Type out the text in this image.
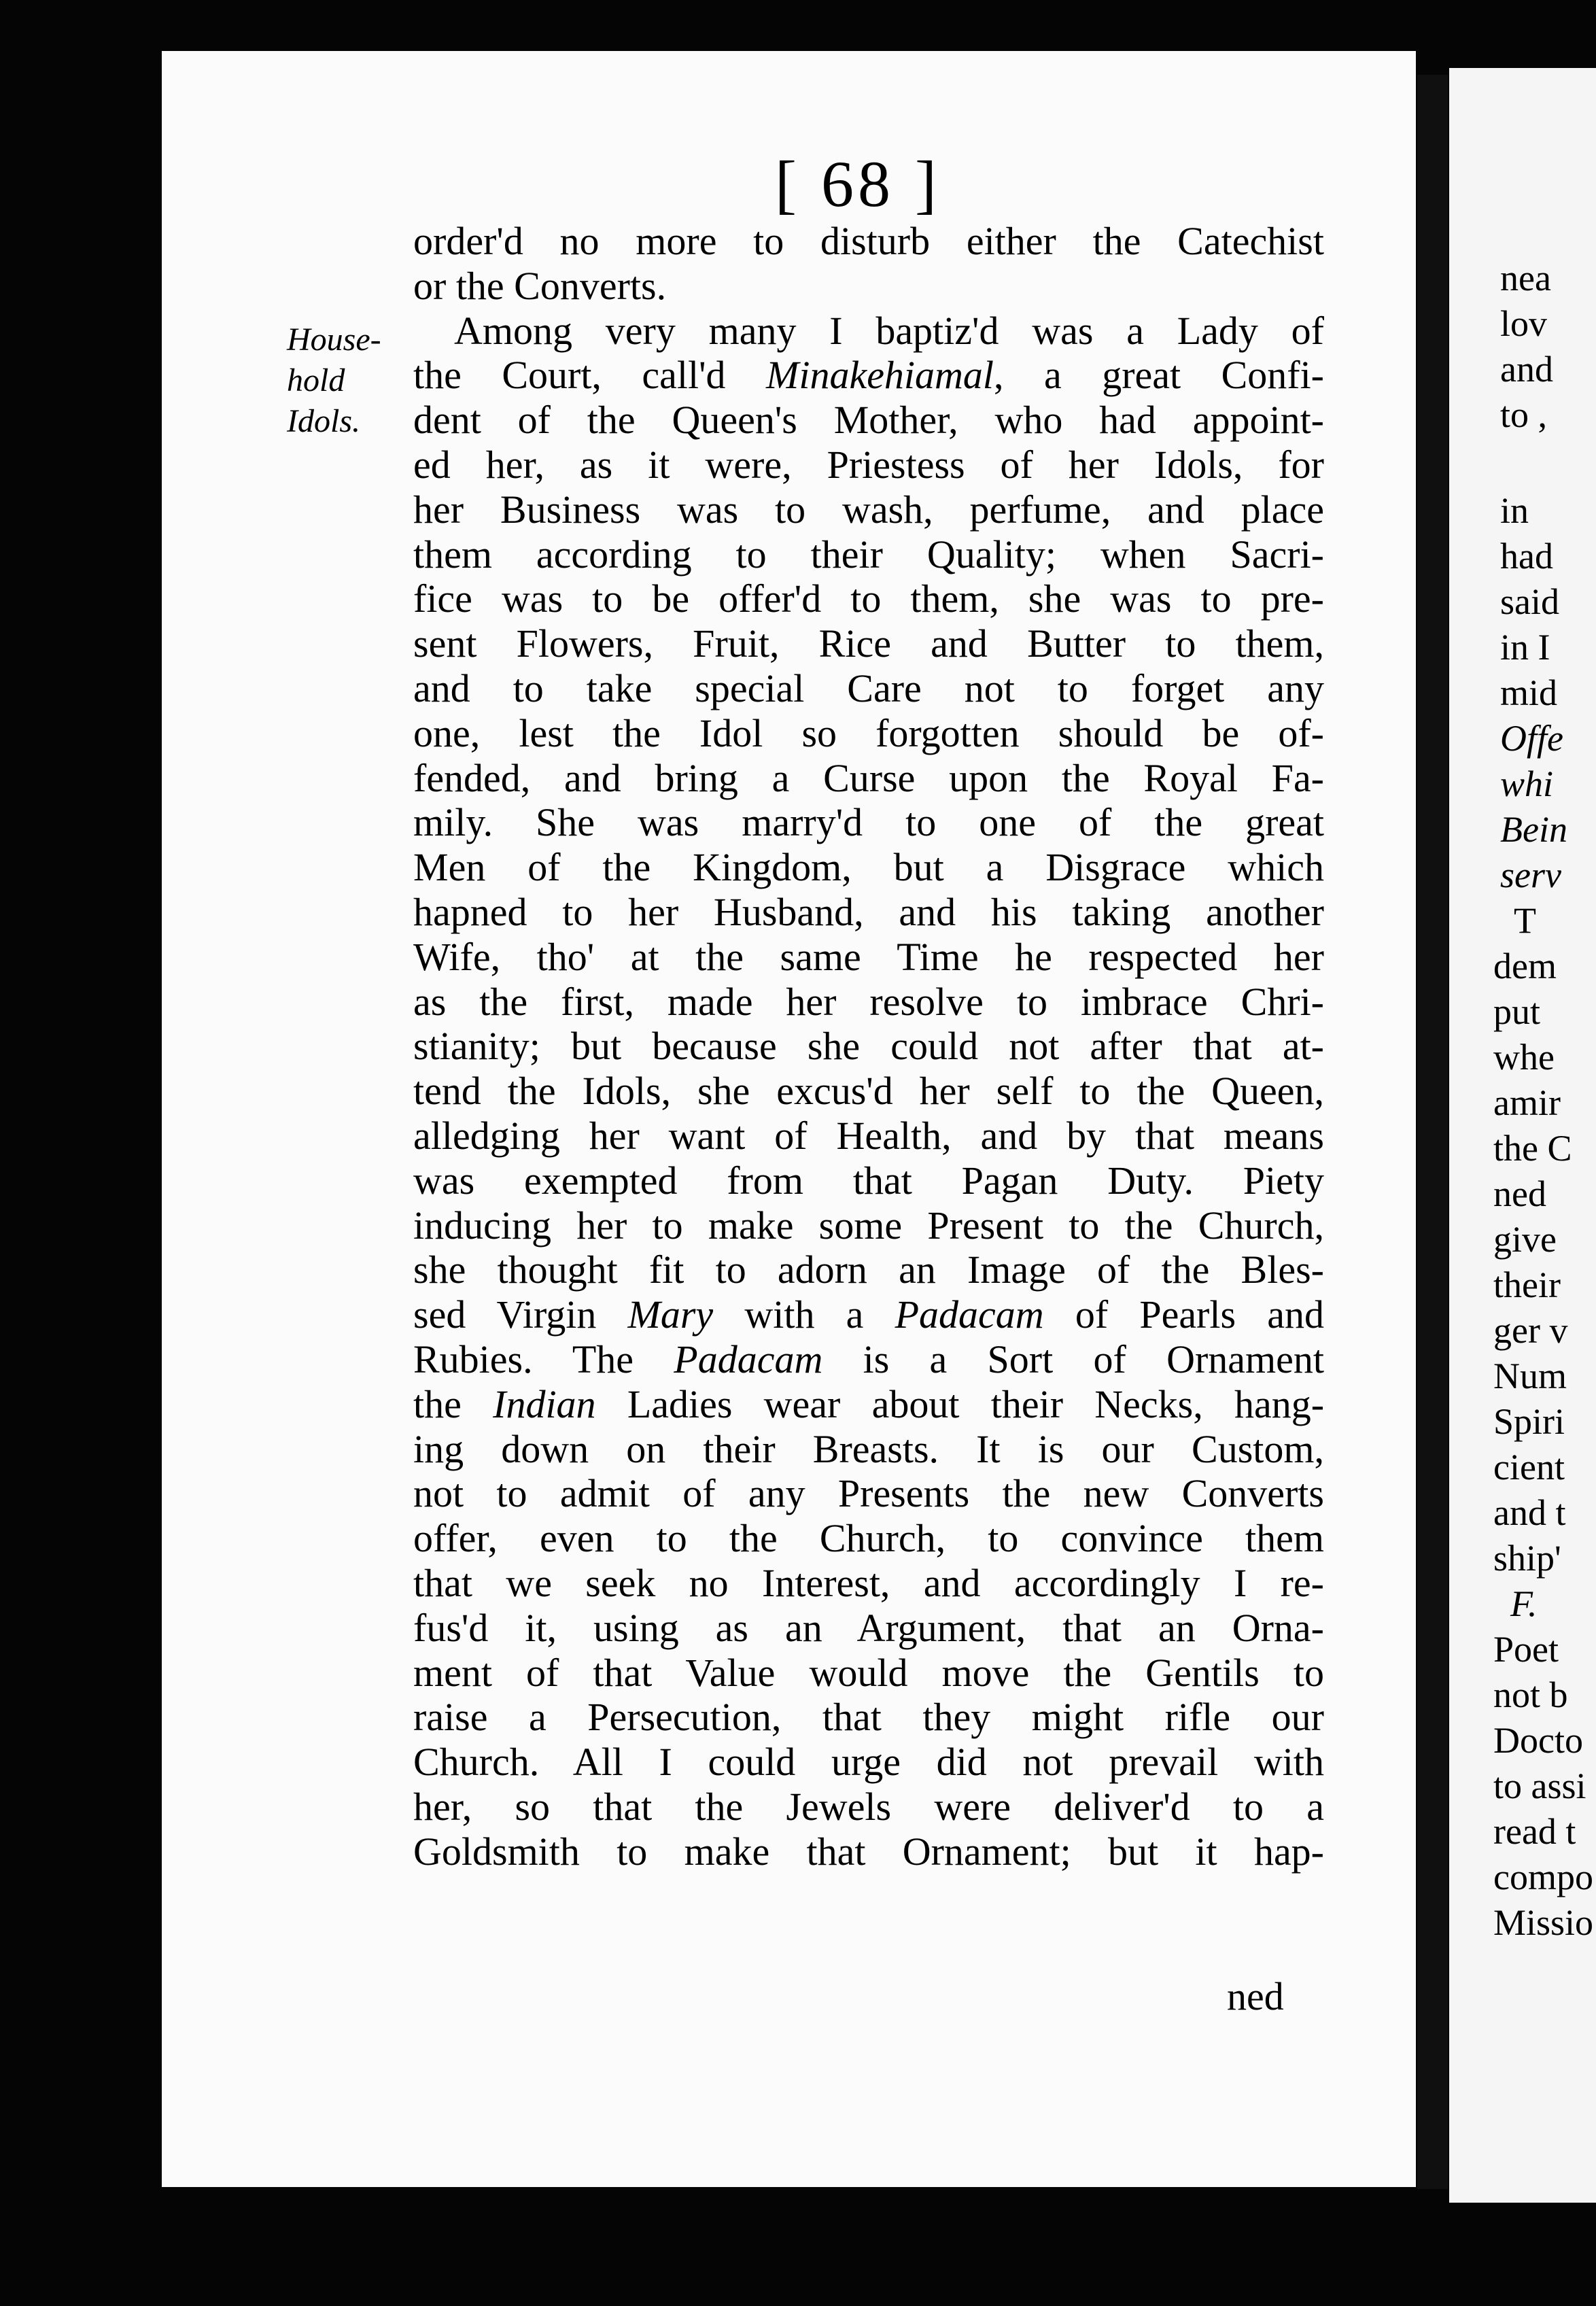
nea
lov
and
to ,
in
had
said
in I
mid
Offe
whi
Bein
serv
T
dem
put
whe
amir
the C
ned
give
their
ger v
Num
Spiri
cient
and t
ship'
F.
Poet
not b
Docto
to assi
read t
compo
Missio
[ 68 ]
House-
hold
Idols.
order'd no more to disturb either the Catechist
or the Converts.
Among very many I baptiz'd was a Lady of
the Court, call'd Minakehiamal, a great Confi-
dent of the Queen's Mother, who had appoint-
ed her, as it were, Priestess of her Idols, for
her Business was to wash, perfume, and place
them according to their Quality; when Sacri-
fice was to be offer'd to them, she was to pre-
sent Flowers, Fruit, Rice and Butter to them,
and to take special Care not to forget any
one, lest the Idol so forgotten should be of-
fended, and bring a Curse upon the Royal Fa-
mily. She was marry'd to one of the great
Men of the Kingdom, but a Disgrace which
hapned to her Husband, and his taking another
Wife, tho' at the same Time he respected her
as the first, made her resolve to imbrace Chri-
stianity; but because she could not after that at-
tend the Idols, she excus'd her self to the Queen,
alledging her want of Health, and by that means
was exempted from that Pagan Duty. Piety
inducing her to make some Present to the Church,
she thought fit to adorn an Image of the Bles-
sed Virgin Mary with a Padacam of Pearls and
Rubies. The Padacam is a Sort of Ornament
the Indian Ladies wear about their Necks, hang-
ing down on their Breasts. It is our Custom,
not to admit of any Presents the new Converts
offer, even to the Church, to convince them
that we seek no Interest, and accordingly I re-
fus'd it, using as an Argument, that an Orna-
ment of that Value would move the Gentils to
raise a Persecution, that they might rifle our
Church. All I could urge did not prevail with
her, so that the Jewels were deliver'd to a
Goldsmith to make that Ornament; but it hap-
ned
